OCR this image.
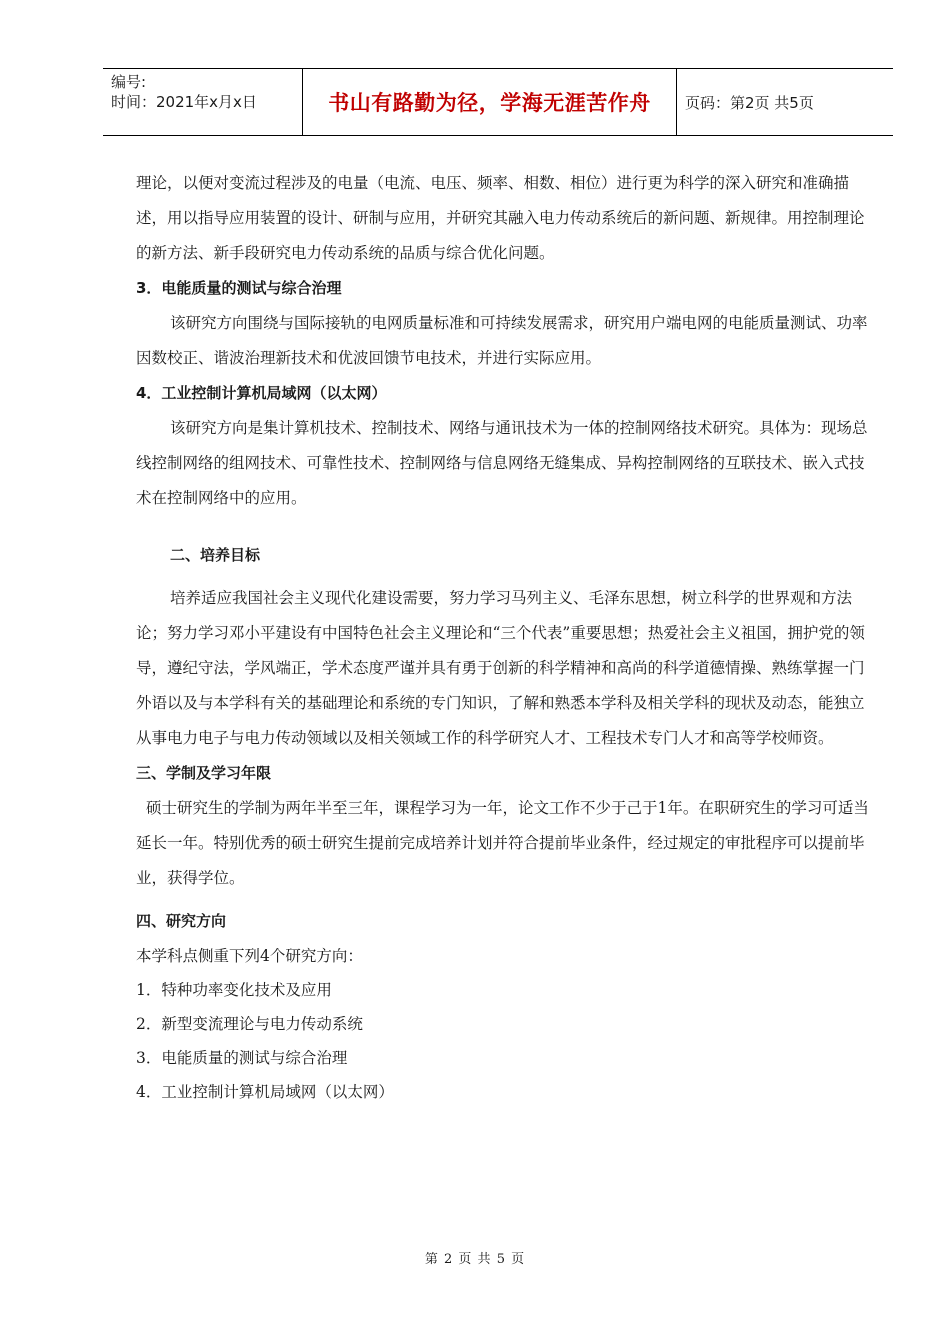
编号:
时间：2021年x月x日	书山有路勤为径，学海无涯苦作舟	页码：第2页 共5页

理论，以便对变流过程涉及的电量（电流、电压、频率、相数、相位）进行更为科学的深入研究和准确描述，用以指导应用装置的设计、研制与应用，并研究其融入电力传动系统后的新问题、新规律。用控制理论的新方法、新手段研究电力传动系统的品质与综合优化问题。

3．电能质量的测试与综合治理

该研究方向围绕与国际接轨的电网质量标准和可持续发展需求，研究用户端电网的电能质量测试、功率因数校正、谐波治理新技术和优波回馈节电技术，并进行实际应用。

4．工业控制计算机局域网（以太网）

该研究方向是集计算机技术、控制技术、网络与通讯技术为一体的控制网络技术研究。具体为：现场总线控制网络的组网技术、可靠性技术、控制网络与信息网络无缝集成、异构控制网络的互联技术、嵌入式技术在控制网络中的应用。

二、培养目标

培养适应我国社会主义现代化建设需要，努力学习马列主义、毛泽东思想，树立科学的世界观和方法论；努力学习邓小平建设有中国特色社会主义理论和“三个代表”重要思想；热爱社会主义祖国，拥护党的领导，遵纪守法，学风端正，学术态度严谨并具有勇于创新的科学精神和高尚的科学道德情操、熟练掌握一门外语以及与本学科有关的基础理论和系统的专门知识，了解和熟悉本学科及相关学科的现状及动态，能独立从事电力电子与电力传动领域以及相关领域工作的科学研究人才、工程技术专门人才和高等学校师资。

三、学制及学习年限

硕士研究生的学制为两年半至三年，课程学习为一年，论文工作不少于己于1年。在职研究生的学习可适当延长一年。特别优秀的硕士研究生提前完成培养计划并符合提前毕业条件，经过规定的审批程序可以提前毕业，获得学位。

四、研究方向

本学科点侧重下列4个研究方向：

1．特种功率变化技术及应用

2．新型变流理论与电力传动系统

3．电能质量的测试与综合治理

4．工业控制计算机局域网（以太网）

第 2 页 共 5 页
